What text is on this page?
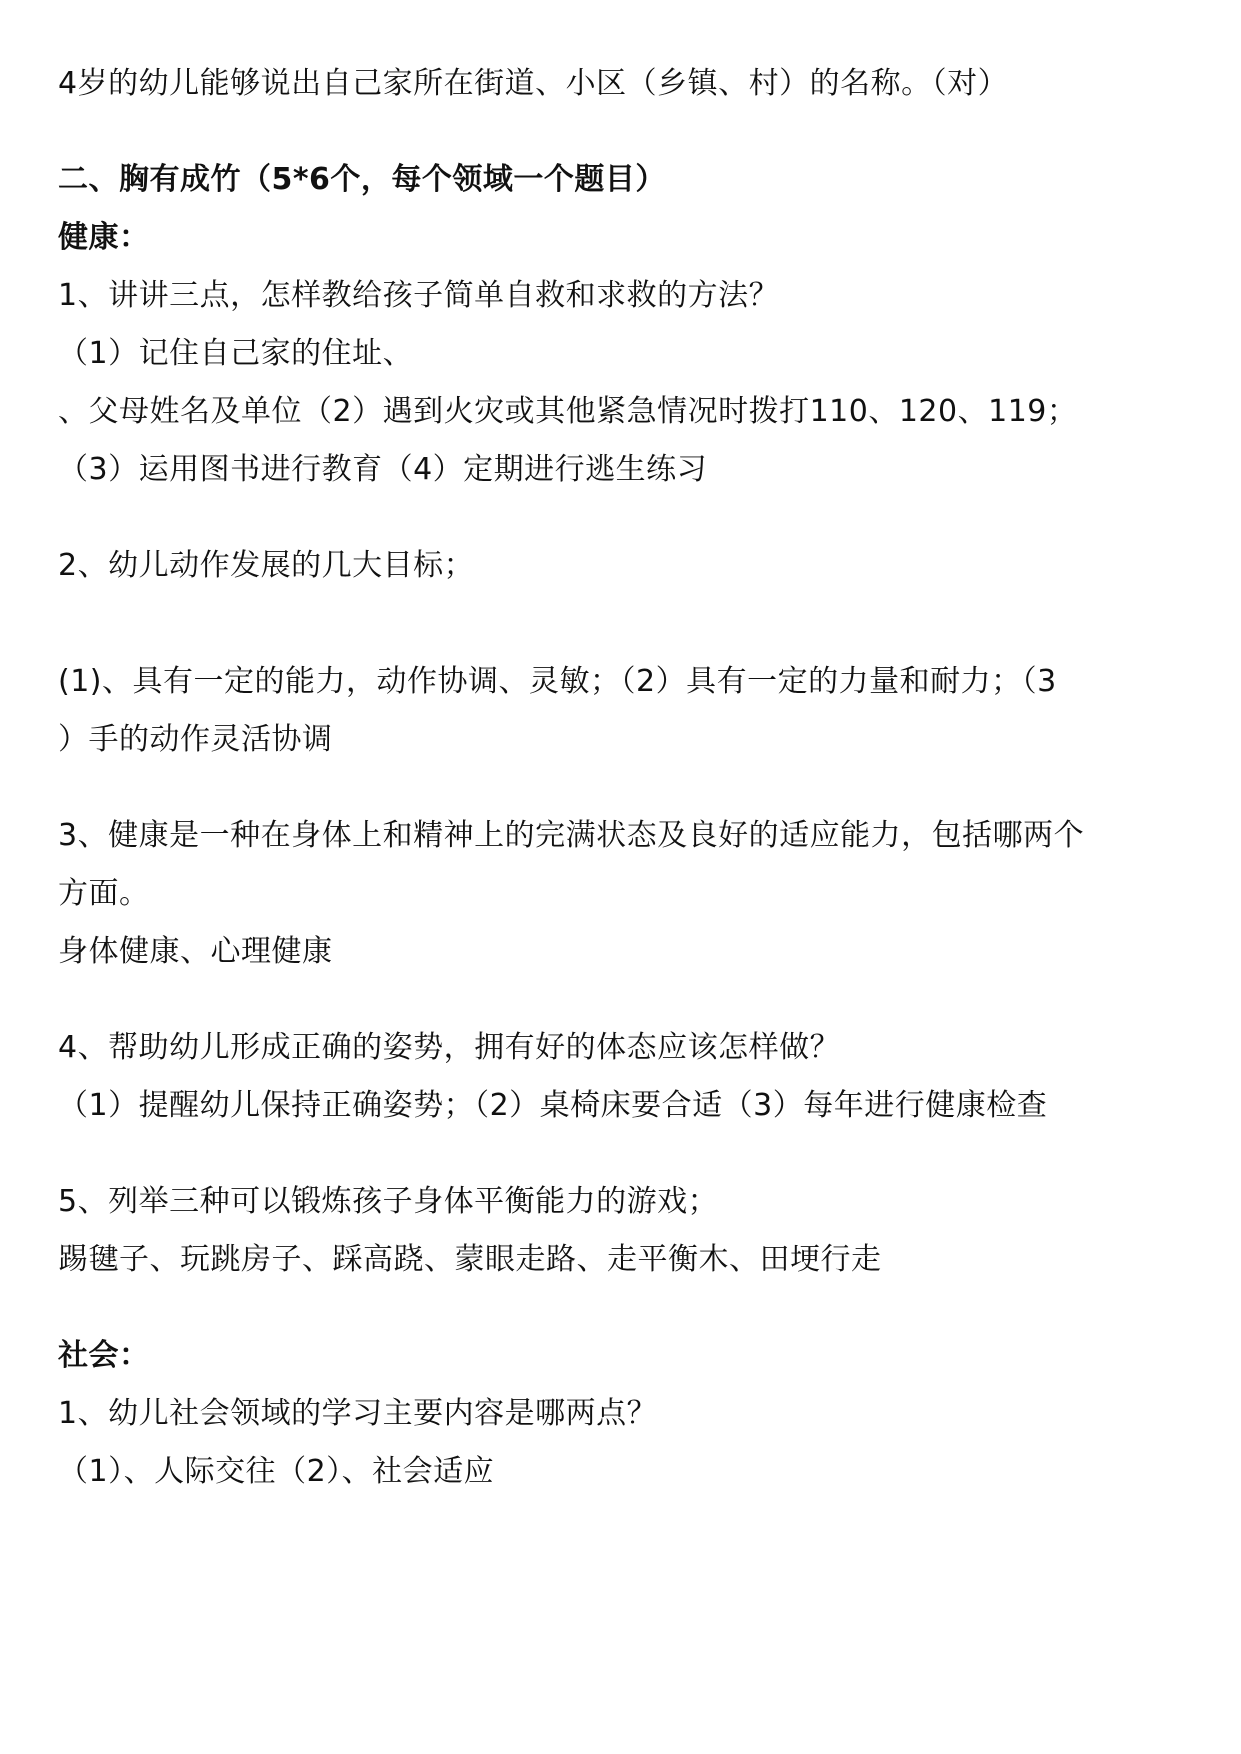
4岁的幼儿能够说出自己家所在街道、小区（乡镇、村）的名称。（对）
二、胸有成竹（5*6个，每个领域一个题目）
健康：
1、讲讲三点，怎样教给孩子简单自救和求救的方法？
（1）记住自己家的住址、
、父母姓名及单位（2）遇到火灾或其他紧急情况时拨打110、120、119；
（3）运用图书进行教育（4）定期进行逃生练习
2、幼儿动作发展的几大目标；
(1)、具有一定的能力，动作协调、灵敏；（2）具有一定的力量和耐力；（3
）手的动作灵活协调
3、健康是一种在身体上和精神上的完满状态及良好的适应能力，包括哪两个
方面。
身体健康、心理健康
4、帮助幼儿形成正确的姿势，拥有好的体态应该怎样做？
（1）提醒幼儿保持正确姿势；（2）桌椅床要合适（3）每年进行健康检查
5、列举三种可以锻炼孩子身体平衡能力的游戏；
踢毽子、玩跳房子、踩高跷、蒙眼走路、走平衡木、田埂行走
社会：
1、幼儿社会领域的学习主要内容是哪两点？
（1）、人际交往（2）、社会适应
